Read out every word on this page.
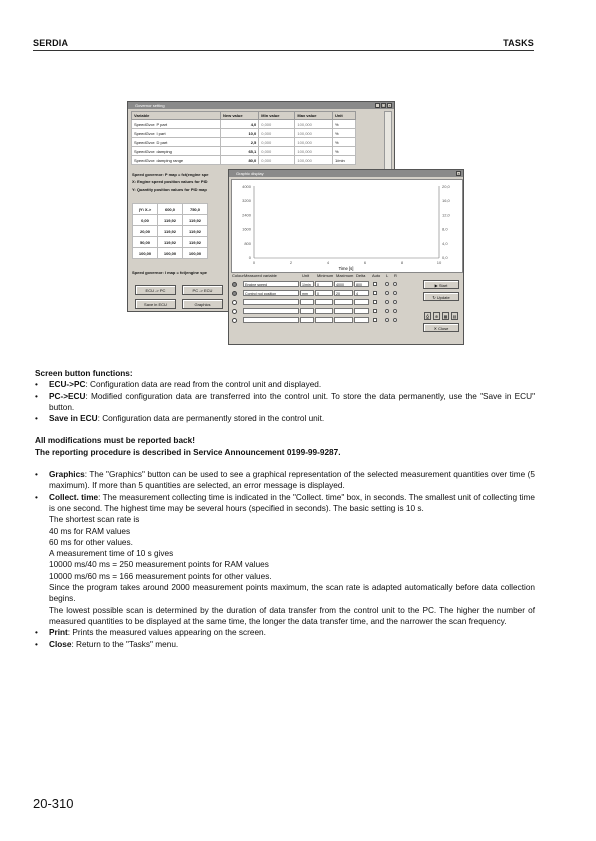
SERDIA	TASKS
Governor setting	_ □ ×
Variable	New value	Min value	Max value	Unit
SpeedGvor: P part	4,0	0,000	100,000	%
SpeedGvor: I part	10,0	0,000	100,000	%
SpeedGvor: D part	2,5	0,000	100,000	%
SpeedGvor: damping	65,1	0,000	100,000	%
SpeedGvor: damping range	80,0	0,000	100,000	1/min
Speed governor: P map = fct(engine spe
X: Engine speed position values for PID
Y: Quantity position values for PID map
|Y\ X->	600,0	750,0
0,00	119,92	119,92
20,00	119,92	119,92
50,00	119,92	119,92
100,00	100,00	100,00
Speed governor: I map = fct(engine spe
ECU -> PC	PC -> ECU
Save in ECU	Graphics
Graphic display	×
4000
3200
2400
1600
800
0
20,0
16,0
12,0
8,0
4,0
0,0
0	2	4	6	8	10
Time [s]
Colour Measured variable	Unit	Minimum Maximum Delta	Auto	L	R
Engine speed	1/min	0	4000	800
Control rod position	mm	0	20	4
▶ Start
↻ Update
⎙	⊕	▦	▤
✕ Close

Screen button functions:

• ECU->PC: Configuration data are read from the control unit and displayed.
• PC->ECU: Modified configuration data are transferred into the control unit. To store the data permanently, use the "Save in ECU" button.
• Save in ECU: Configuration data are permanently stored in the control unit.

All modifications must be reported back!

The reporting procedure is described in Service Announcement 0199-99-9287.

• Graphics: The "Graphics" button can be used to see a graphical representation of the selected measurement quantities over time (5 maximum). If more than 5 quantities are selected, an error message is displayed.
• Collect. time: The measurement collecting time is indicated in the "Collect. time" box, in seconds. The smallest unit of collecting time is one second. The highest time may be several hours (specified in seconds). The basic setting is 10 s.
The shortest scan rate is
40 ms for RAM values
60 ms for other values.
A measurement time of 10 s gives
10000 ms/40 ms = 250 measurement points for RAM values
10000 ms/60 ms = 166 measurement points for other values.
Since the program takes around 2000 measurement points maximum, the scan rate is adapted automatically before data collection begins.
The lowest possible scan is determined by the duration of data transfer from the control unit to the PC. The higher the number of measured quantities to be displayed at the same time, the longer the data transfer time, and the narrower the scan frequency.
• Print: Prints the measured values appearing on the screen.
• Close: Return to the "Tasks" menu.
20-310
